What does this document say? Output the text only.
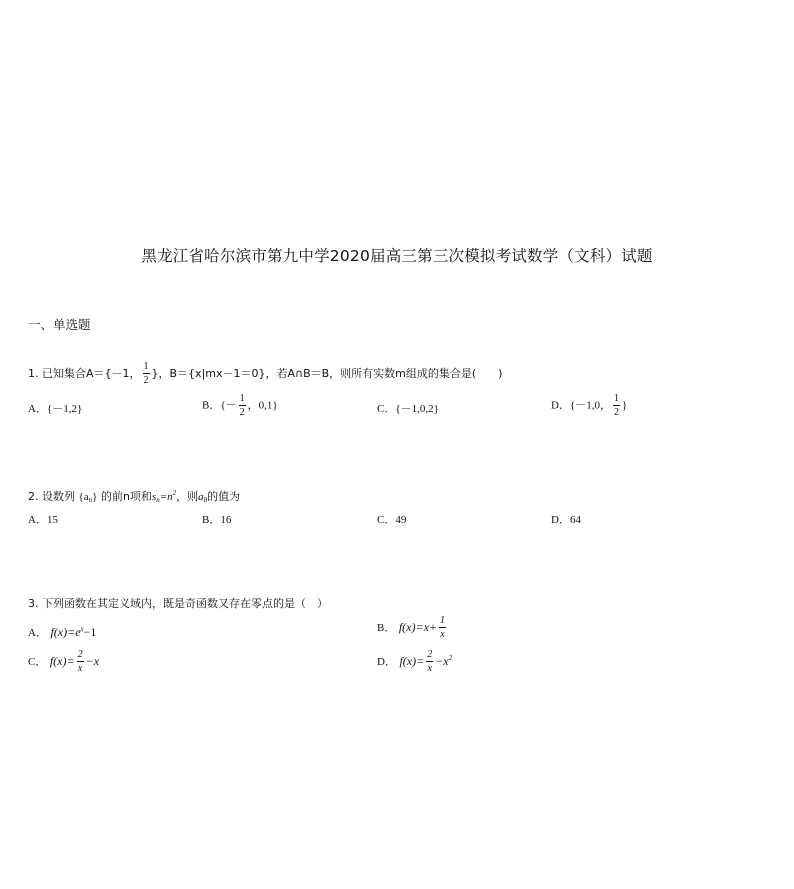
黑龙江省哈尔滨市第九中学2020届高三第三次模拟考试数学（文科）试题
一、单选题
1. 已知集合A＝{－1， $\frac{1}{2}$ }，B＝{x|mx－1＝0}，若A∩B＝B，则所有实数m组成的集合是(　　)
A．{－1,2}	B．{－ $\frac{1}{2}$ ，0,1}	C．{－1,0,2}	D．{－1,0， $\frac{1}{2}$ }
2. 设数列 $\{a_n\}$ 的前n项和$s_n=n^2$，则$a_8$的值为
A．15	B．16	C．49	D．64
3. 下列函数在其定义域内，既是奇函数又存在零点的是（　）
A． $f(x)=e^x-1$	B． $f(x)=x+ \frac{1}{x}$
C． $f(x)= \frac{2}{x} -x$	D． $f(x)= \frac{2}{x} -x^2$
